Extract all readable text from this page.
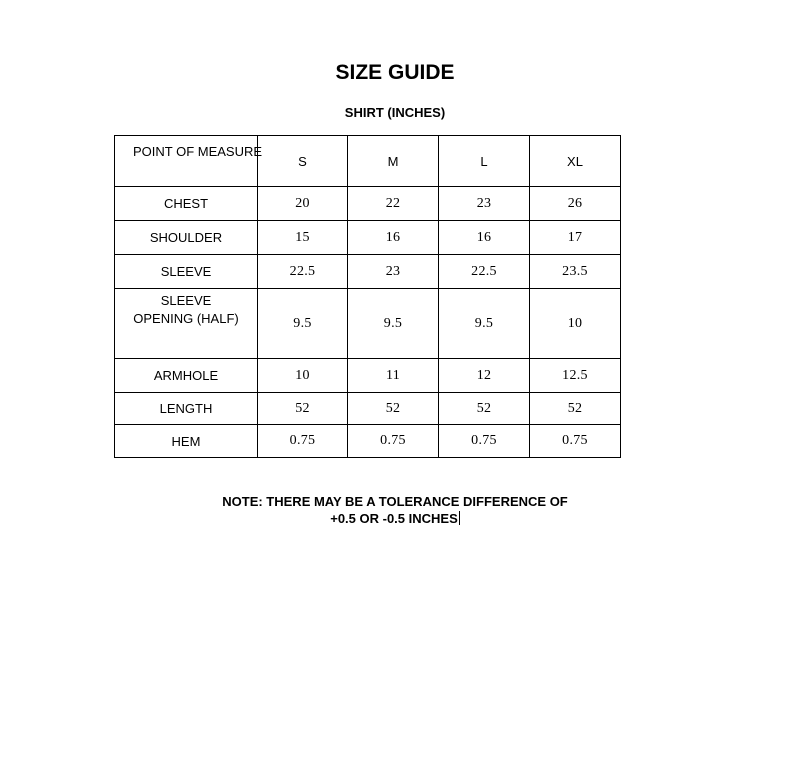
SIZE GUIDE
SHIRT (INCHES)
POINT OF MEASURE	S	M	L	XL
CHEST	20	22	23	26
SHOULDER	15	16	16	17
SLEEVE	22.5	23	22.5	23.5

SLEEVE
OPENING (HALF)	9.5	9.5	9.5	10
ARMHOLE	10	11	12	12.5
LENGTH	52	52	52	52
HEM	0.75	0.75	0.75	0.75
NOTE: THERE MAY BE A TOLERANCE DIFFERENCE OF
+0.5 OR -0.5 INCHES
